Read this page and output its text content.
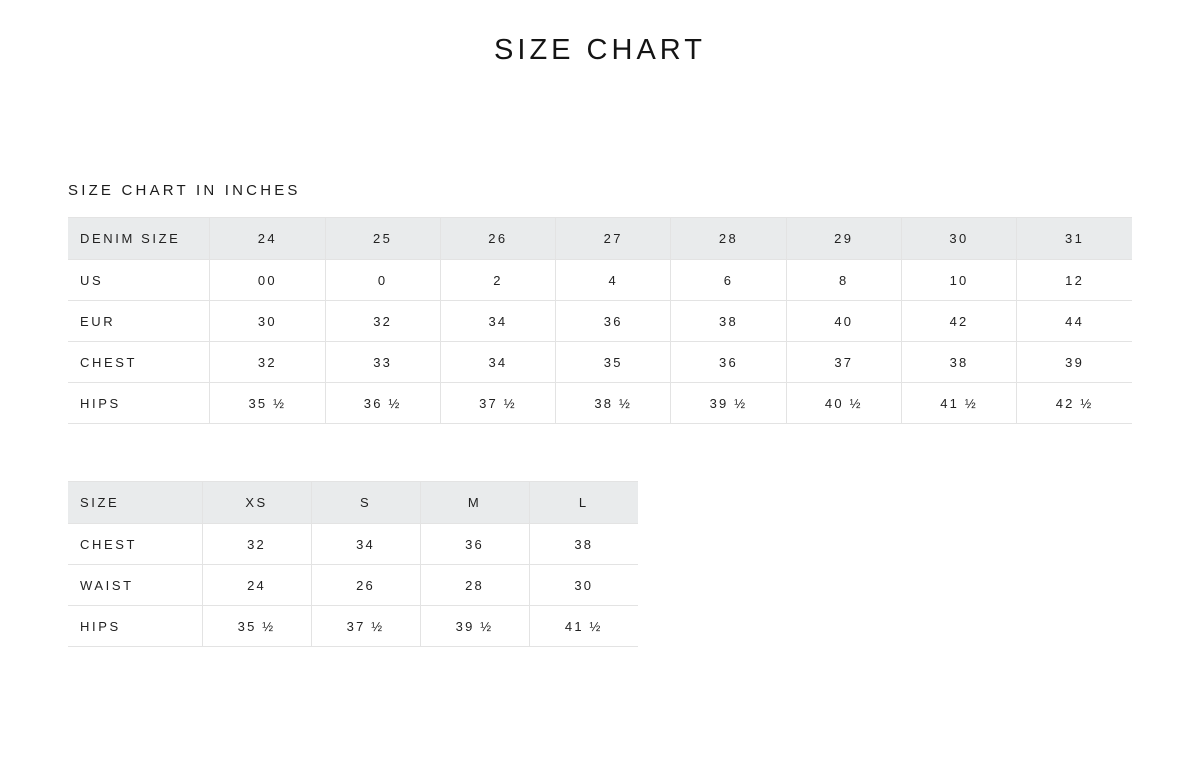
SIZE CHART
SIZE CHART IN INCHES
DENIM SIZE	24	25	26	27	28	29	30	31
US	00	0	2	4	6	8	10	12
EUR	30	32	34	36	38	40	42	44
CHEST	32	33	34	35	36	37	38	39
HIPS	35 ½	36 ½	37 ½	38 ½	39 ½	40 ½	41 ½	42 ½
SIZE	XS	S	M	L
CHEST	32	34	36	38
WAIST	24	26	28	30
HIPS	35 ½	37 ½	39 ½	41 ½
